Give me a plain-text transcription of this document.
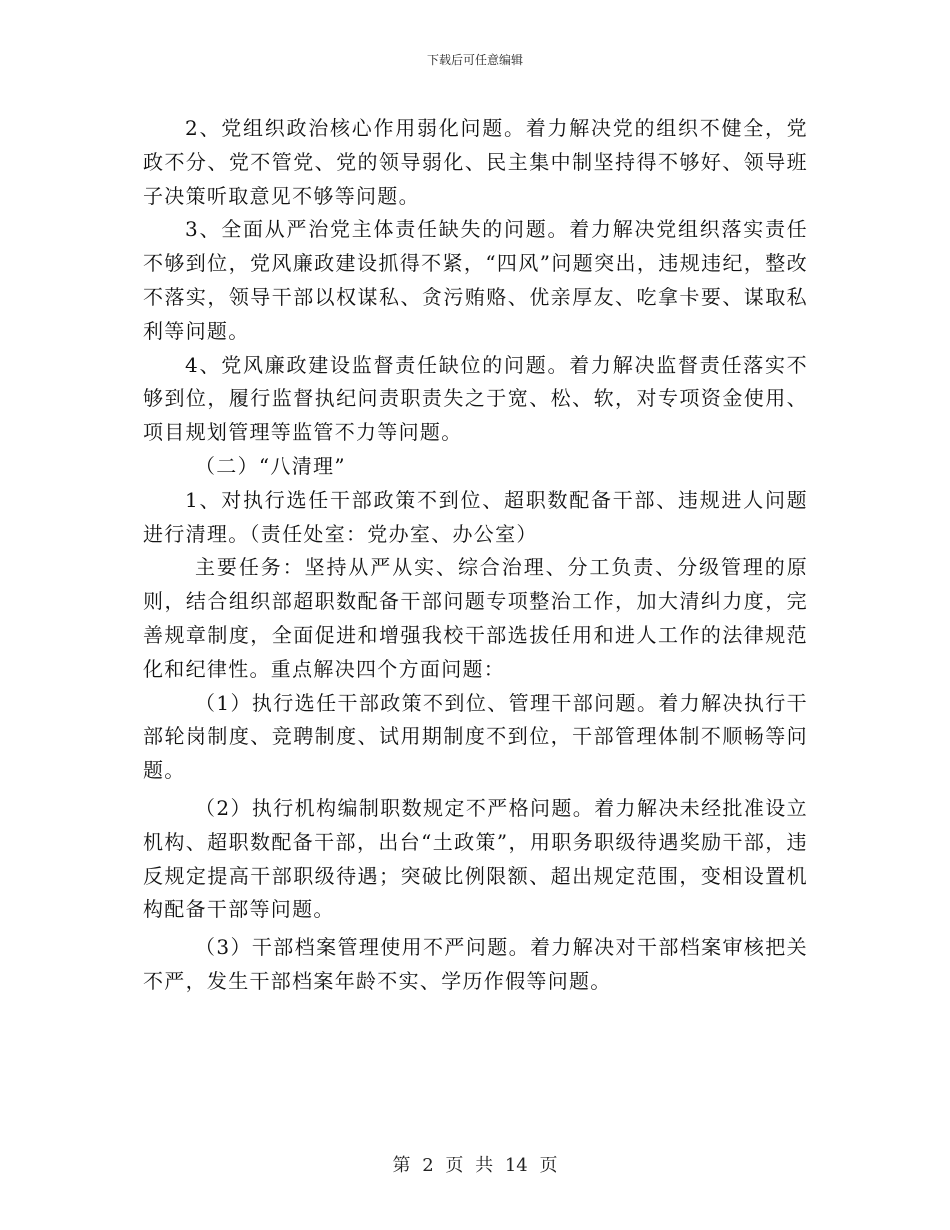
下载后可任意编辑

2、党组织政治核心作用弱化问题。着力解决党的组织不健全，党政不分、党不管党、党的领导弱化、民主集中制坚持得不够好、领导班子决策听取意见不够等问题。

3、全面从严治党主体责任缺失的问题。着力解决党组织落实责任不够到位，党风廉政建设抓得不紧，“四风”问题突出，违规违纪，整改不落实，领导干部以权谋私、贪污贿赂、优亲厚友、吃拿卡要、谋取私利等问题。

4、党风廉政建设监督责任缺位的问题。着力解决监督责任落实不够到位，履行监督执纪问责职责失之于宽、松、软，对专项资金使用、项目规划管理等监管不力等问题。

（二）“八清理”

1、对执行选任干部政策不到位、超职数配备干部、违规进人问题进行清理。（责任处室：党办室、办公室）

主要任务：坚持从严从实、综合治理、分工负责、分级管理的原则，结合组织部超职数配备干部问题专项整治工作，加大清纠力度，完善规章制度，全面促进和增强我校干部选拔任用和进人工作的法律规范化和纪律性。重点解决四个方面问题：

（1）执行选任干部政策不到位、管理干部问题。着力解决执行干部轮岗制度、竞聘制度、试用期制度不到位，干部管理体制不顺畅等问题。

（2）执行机构编制职数规定不严格问题。着力解决未经批准设立机构、超职数配备干部，出台“土政策”，用职务职级待遇奖励干部，违反规定提高干部职级待遇；突破比例限额、超出规定范围，变相设置机构配备干部等问题。

（3）干部档案管理使用不严问题。着力解决对干部档案审核把关不严，发生干部档案年龄不实、学历作假等问题。

第 2 页 共 14 页
